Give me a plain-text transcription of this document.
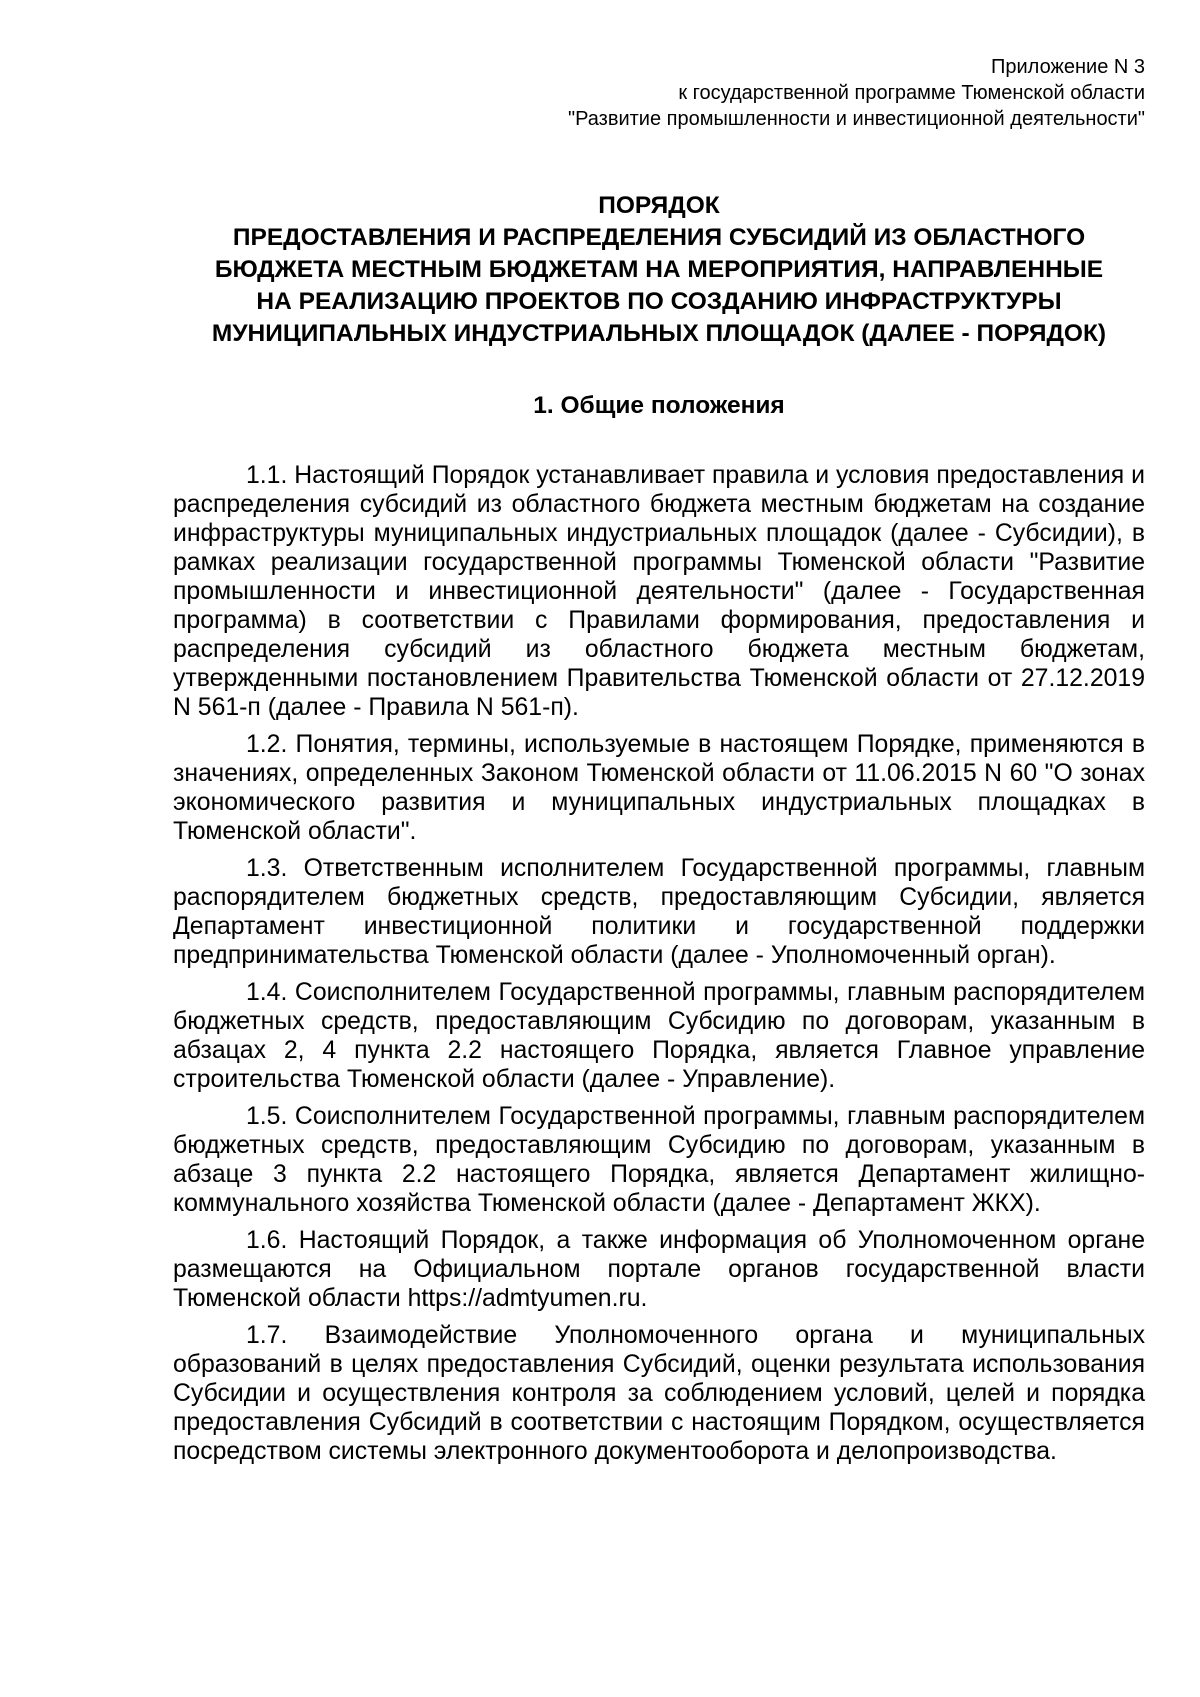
Приложение N 3
к государственной программе Тюменской области
"Развитие промышленности и инвестиционной деятельности"
ПОРЯДОК
ПРЕДОСТАВЛЕНИЯ И РАСПРЕДЕЛЕНИЯ СУБСИДИЙ ИЗ ОБЛАСТНОГО
БЮДЖЕТА МЕСТНЫМ БЮДЖЕТАМ НА МЕРОПРИЯТИЯ, НАПРАВЛЕННЫЕ
НА РЕАЛИЗАЦИЮ ПРОЕКТОВ ПО СОЗДАНИЮ ИНФРАСТРУКТУРЫ
МУНИЦИПАЛЬНЫХ ИНДУСТРИАЛЬНЫХ ПЛОЩАДОК (ДАЛЕЕ - ПОРЯДОК)
1. Общие положения

1.1. Настоящий Порядок устанавливает правила и условия предоставления и распределения субсидий из областного бюджета местным бюджетам на создание инфраструктуры муниципальных индустриальных площадок (далее - Субсидии), в рамках реализации государственной программы Тюменской области "Развитие промышленности и инвестиционной деятельности" (далее - Государственная программа) в соответствии с Правилами формирования, предоставления и распределения субсидий из областного бюджета местным бюджетам, утвержденными постановлением Правительства Тюменской области от 27.12.2019 N 561-п (далее - Правила N 561-п).

1.2. Понятия, термины, используемые в настоящем Порядке, применяются в значениях, определенных Законом Тюменской области от 11.06.2015 N 60 "О зонах экономического развития и муниципальных индустриальных площадках в Тюменской области".

1.3. Ответственным исполнителем Государственной программы, главным распорядителем бюджетных средств, предоставляющим Субсидии, является Департамент инвестиционной политики и государственной поддержки предпринимательства Тюменской области (далее - Уполномоченный орган).

1.4. Соисполнителем Государственной программы, главным распорядителем бюджетных средств, предоставляющим Субсидию по договорам, указанным в абзацах 2, 4 пункта 2.2 настоящего Порядка, является Главное управление строительства Тюменской области (далее - Управление).

1.5. Соисполнителем Государственной программы, главным распорядителем бюджетных средств, предоставляющим Субсидию по договорам, указанным в абзаце 3 пункта 2.2 настоящего Порядка, является Департамент жилищно-коммунального хозяйства Тюменской области (далее - Департамент ЖКХ).

1.6. Настоящий Порядок, а также информация об Уполномоченном органе размещаются на Официальном портале органов государственной власти Тюменской области https://admtyumen.ru.

1.7. Взаимодействие Уполномоченного органа и муниципальных образований в целях предоставления Субсидий, оценки результата использования Субсидии и осуществления контроля за соблюдением условий, целей и порядка предоставления Субсидий в соответствии с настоящим Порядком, осуществляется посредством системы электронного документооборота и делопроизводства.
